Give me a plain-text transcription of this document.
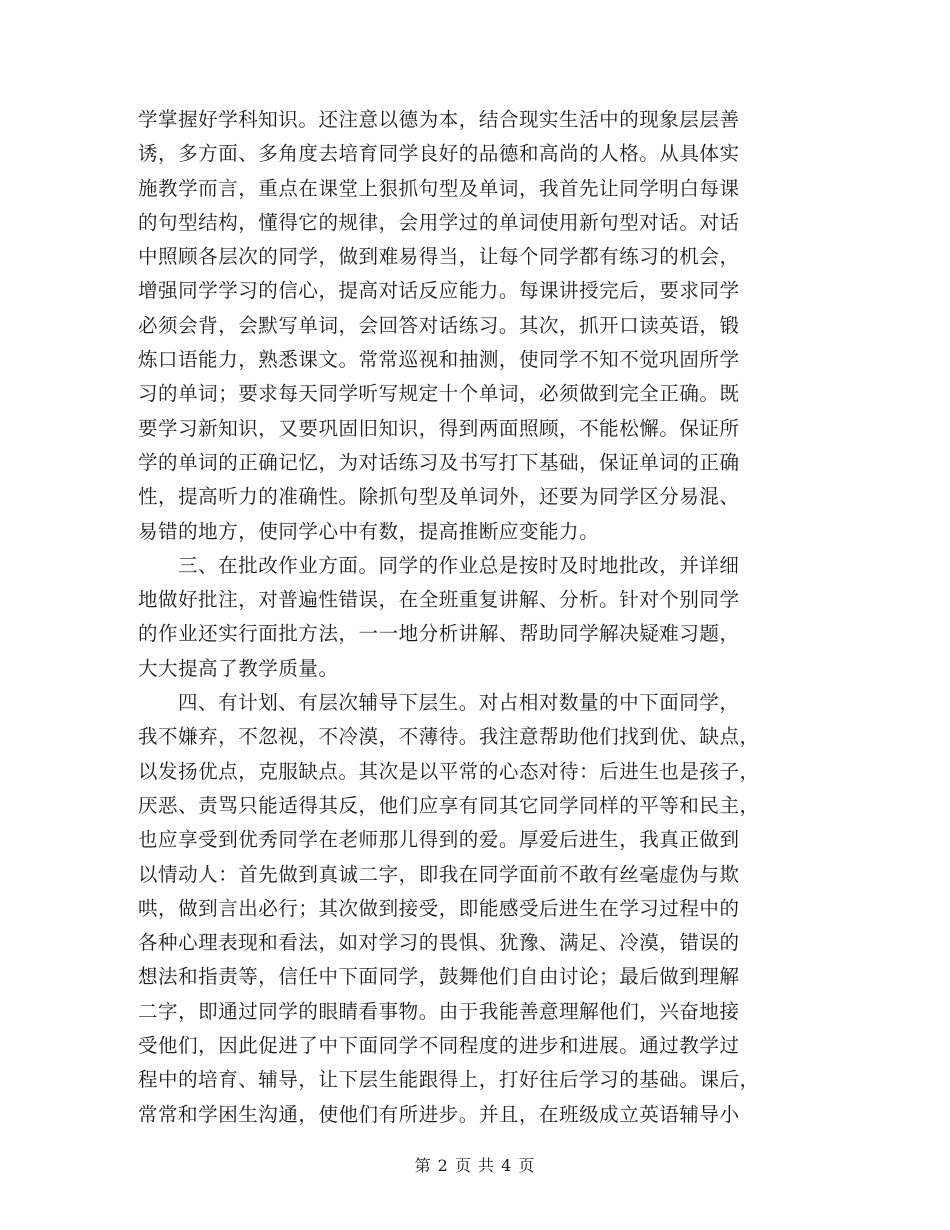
学掌握好学科知识。还注意以德为本，结合现实生活中的现象层层善
诱，多方面、多角度去培育同学良好的品德和高尚的人格。从具体实
施教学而言，重点在课堂上狠抓句型及单词，我首先让同学明白每课
的句型结构，懂得它的规律，会用学过的单词使用新句型对话。对话
中照顾各层次的同学，做到难易得当，让每个同学都有练习的机会，
增强同学学习的信心，提高对话反应能力。每课讲授完后，要求同学
必须会背，会默写单词，会回答对话练习。其次，抓开口读英语，锻
炼口语能力，熟悉课文。常常巡视和抽测，使同学不知不觉巩固所学
习的单词；要求每天同学听写规定十个单词，必须做到完全正确。既
要学习新知识，又要巩固旧知识，得到两面照顾，不能松懈。保证所
学的单词的正确记忆，为对话练习及书写打下基础，保证单词的正确
性，提高听力的准确性。除抓句型及单词外，还要为同学区分易混、
易错的地方，使同学心中有数，提高推断应变能力。
三、在批改作业方面。同学的作业总是按时及时地批改，并详细
地做好批注，对普遍性错误，在全班重复讲解、分析。针对个别同学
的作业还实行面批方法，一一地分析讲解、帮助同学解决疑难习题，
大大提高了教学质量。
四、有计划、有层次辅导下层生。对占相对数量的中下面同学，
我不嫌弃，不忽视，不冷漠，不薄待。我注意帮助他们找到优、缺点，
以发扬优点，克服缺点。其次是以平常的心态对待：后进生也是孩子，
厌恶、责骂只能适得其反，他们应享有同其它同学同样的平等和民主，
也应享受到优秀同学在老师那儿得到的爱。厚爱后进生，我真正做到
以情动人：首先做到真诚二字，即我在同学面前不敢有丝毫虚伪与欺
哄，做到言出必行；其次做到接受，即能感受后进生在学习过程中的
各种心理表现和看法，如对学习的畏惧、犹豫、满足、冷漠，错误的
想法和指责等，信任中下面同学，鼓舞他们自由讨论；最后做到理解
二字，即通过同学的眼睛看事物。由于我能善意理解他们，兴奋地接
受他们，因此促进了中下面同学不同程度的进步和进展。通过教学过
程中的培育、辅导，让下层生能跟得上，打好往后学习的基础。课后，
常常和学困生沟通，使他们有所进步。并且，在班级成立英语辅导小
第 2 页 共 4 页
